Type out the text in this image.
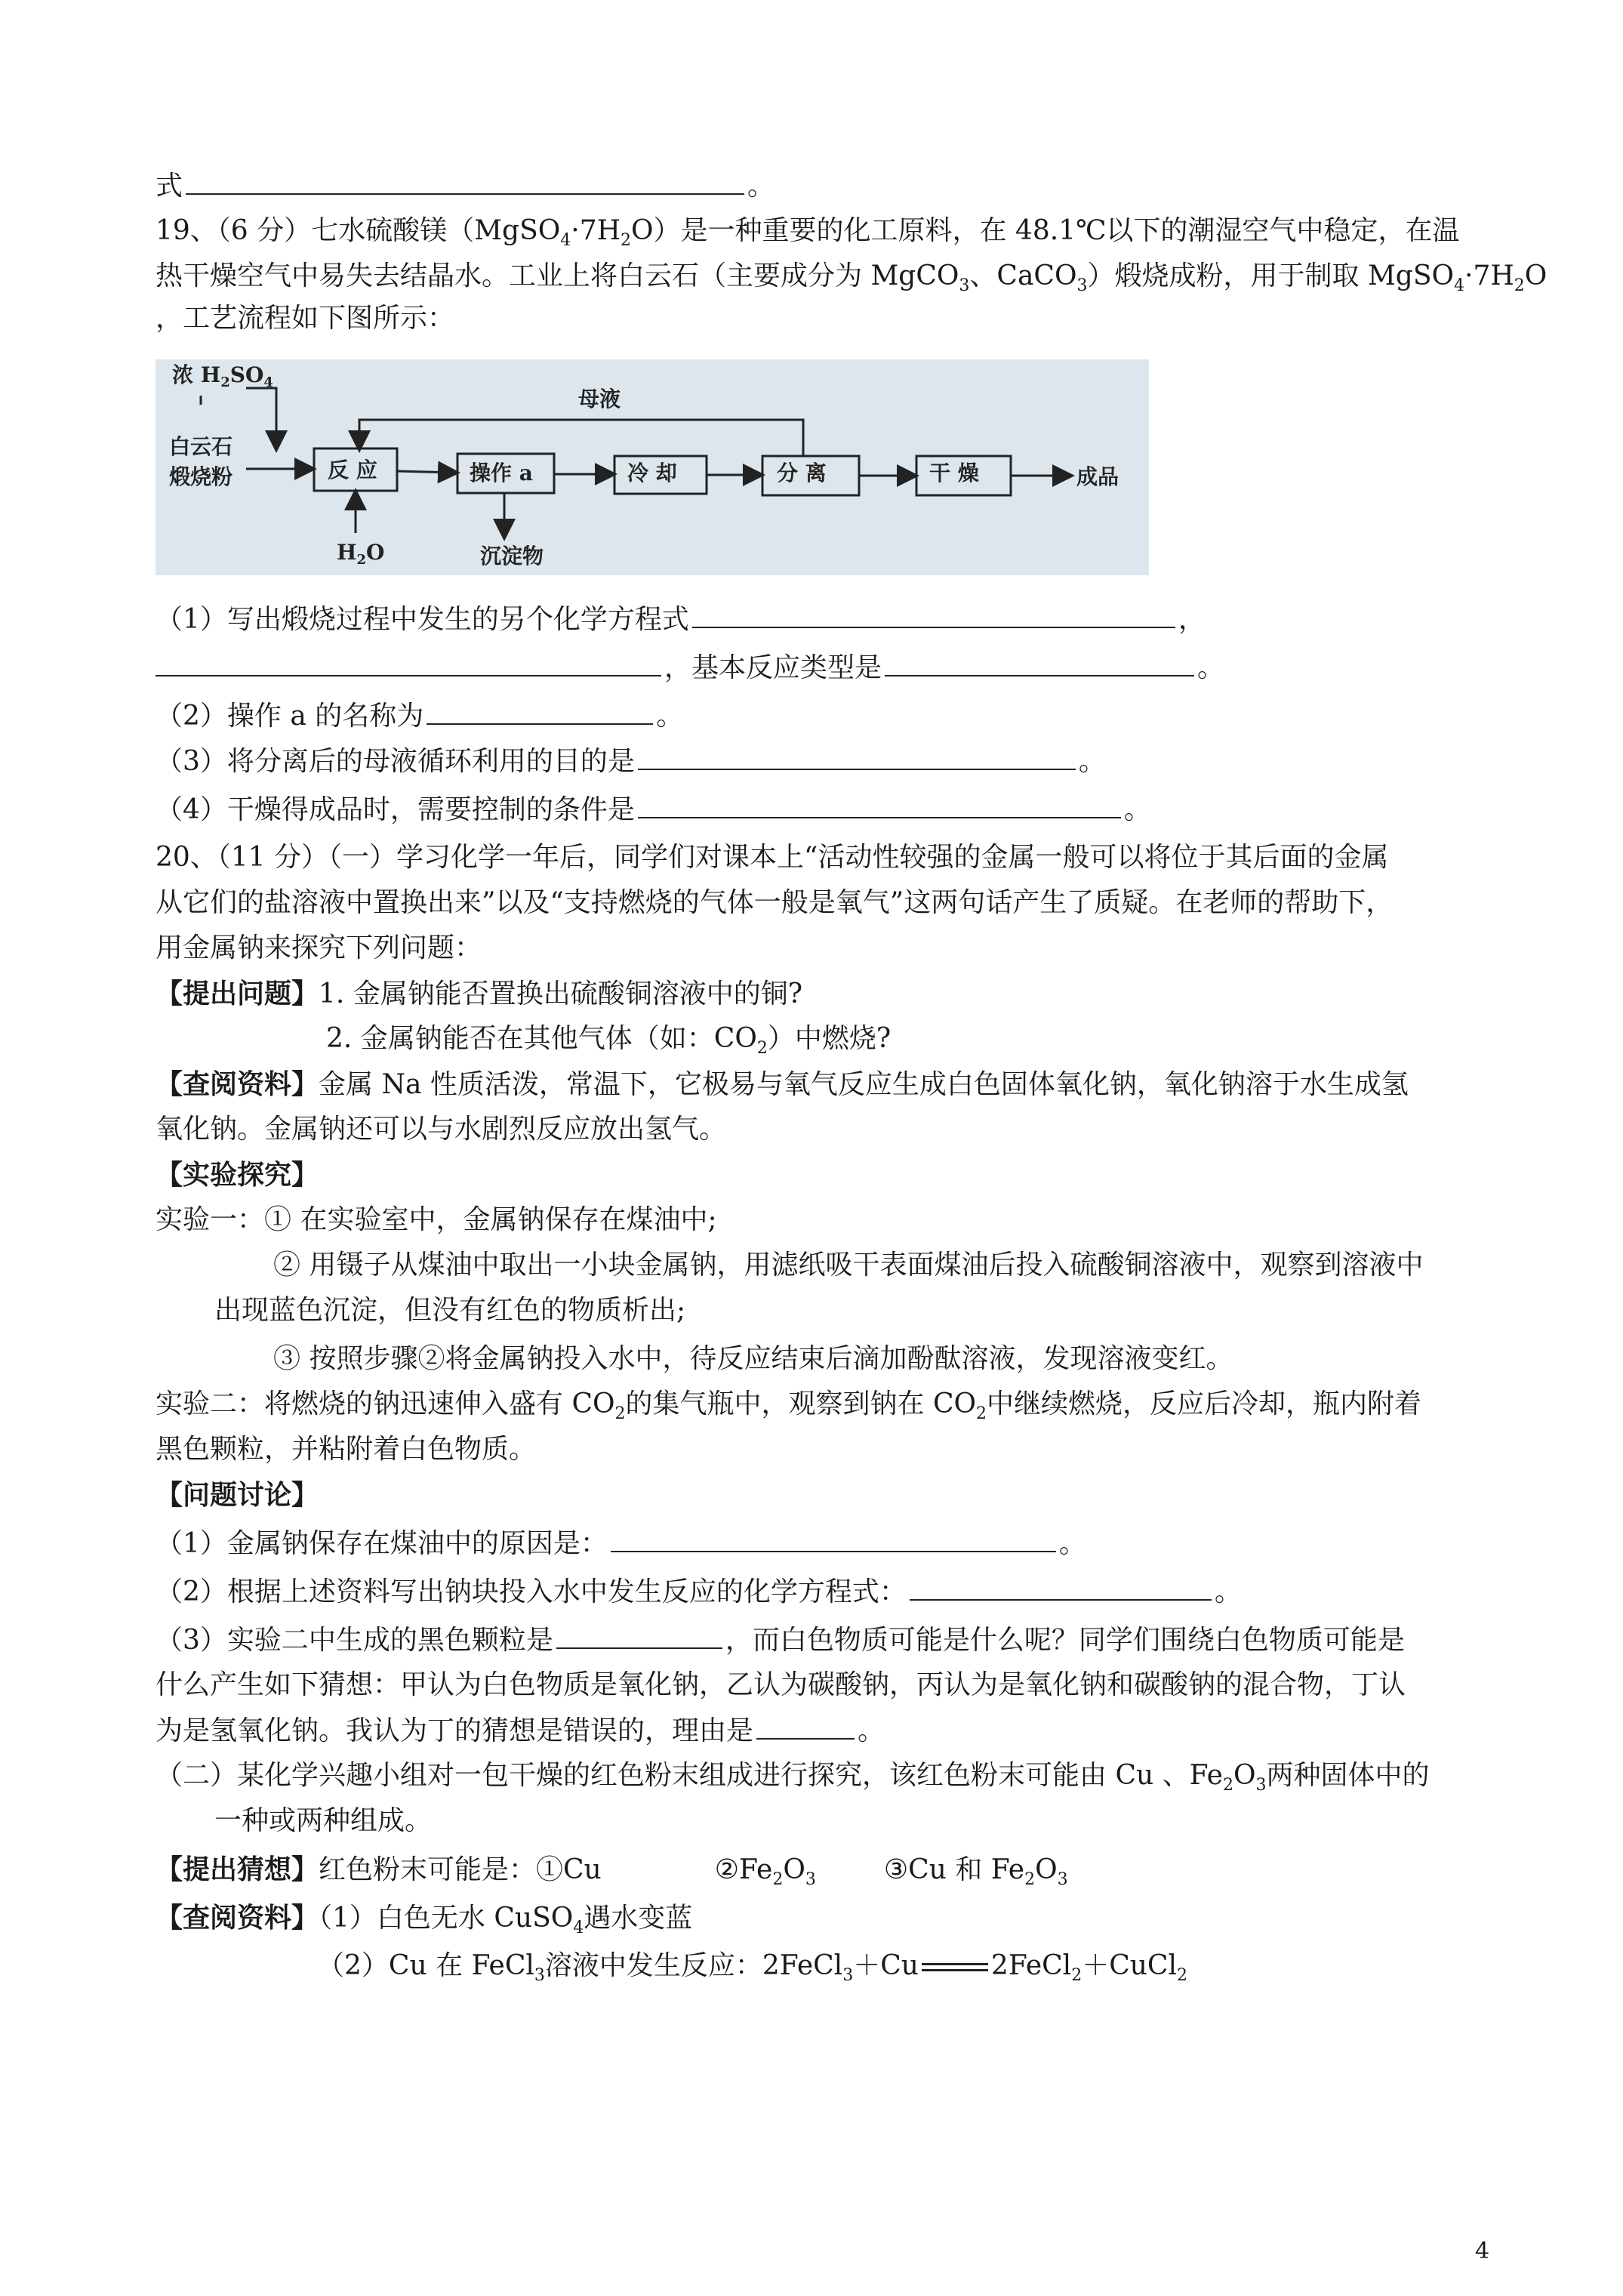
式	。
19、（6 分）七水硫酸镁$(MgSO_4\cdot 7H_2O)$是一种重要的化工原料，在 48.1℃以下的潮湿空气中稳定，在温
热干燥空气中易失去结晶水。工业上将白云石（主要成分为 MgCO$_3$、CaCO$_3$）煅烧成粉，用于制取 $MgSO_4\cdot 7H_2O$
，工艺流程如下图所示：
浓 $H_2SO_4$
母液
白云石
煅烧粉
$H_2O$	沉淀物
成品
反 应	操作 a	冷 却	分 离	干 燥
（1）写出煅烧过程中发生的另个化学方程式	，
，基本反应类型是	。
（2）操作 a 的名称为	。
（3）将分离后的母液循环利用的目的是	。
（4）干燥得成品时，需要控制的条件是	。
20、（11 分）（一）学习化学一年后，同学们对课本上“活动性较强的金属一般可以将位于其后面的金属
从它们的盐溶液中置换出来”以及“支持燃烧的气体一般是氧气”这两句话产生了质疑。在老师的帮助下，
用金属钠来探究下列问题：
【提出问题】1. 金属钠能否置换出硫酸铜溶液中的铜?
2. 金属钠能否在其他气体（如：$CO_2$）中燃烧?
【查阅资料】金属 Na 性质活泼，常温下，它极易与氧气反应生成白色固体氧化钠，氧化钠溶于水生成氢
氧化钠。金属钠还可以与水剧烈反应放出氢气。
【实验探究】
实验一：① 在实验室中，金属钠保存在煤油中;
② 用镊子从煤油中取出一小块金属钠，用滤纸吸干表面煤油后投入硫酸铜溶液中，观察到溶液中
出现蓝色沉淀，但没有红色的物质析出;
③ 按照步骤②将金属钠投入水中，待反应结束后滴加酚酞溶液，发现溶液变红。
实验二：将燃烧的钠迅速伸入盛有 $CO_2$的集气瓶中，观察到钠在 $CO_2$中继续燃烧，反应后冷却，瓶内附着
黑色颗粒，并粘附着白色物质。
【问题讨论】
（1）金属钠保存在煤油中的原因是：	。
（2）根据上述资料写出钠块投入水中发生反应的化学方程式：	。
（3）实验二中生成的黑色颗粒是	，而白色物质可能是什么呢？同学们围绕白色物质可能是
什么产生如下猜想：甲认为白色物质是氧化钠，乙认为碳酸钠，丙认为是氧化钠和碳酸钠的混合物，丁认
为是氢氧化钠。我认为丁的猜想是错误的，理由是	。
（二）某化学兴趣小组对一包干燥的红色粉末组成进行探究，该红色粉末可能由 Cu 、$Fe_2O_3$两种固体中的
一种或两种组成。
【提出猜想】红色粉末可能是：①Cu	$②Fe_2O_3$	③Cu 和 $Fe_2O_3$
【查阅资料】（1）白色无水 CuSO$_4$遇水变蓝
（2）Cu 在 FeCl$_3$溶液中发生反应：2FeCl$_3$＋Cu	2FeCl$_2$＋CuCl$_2$
4
